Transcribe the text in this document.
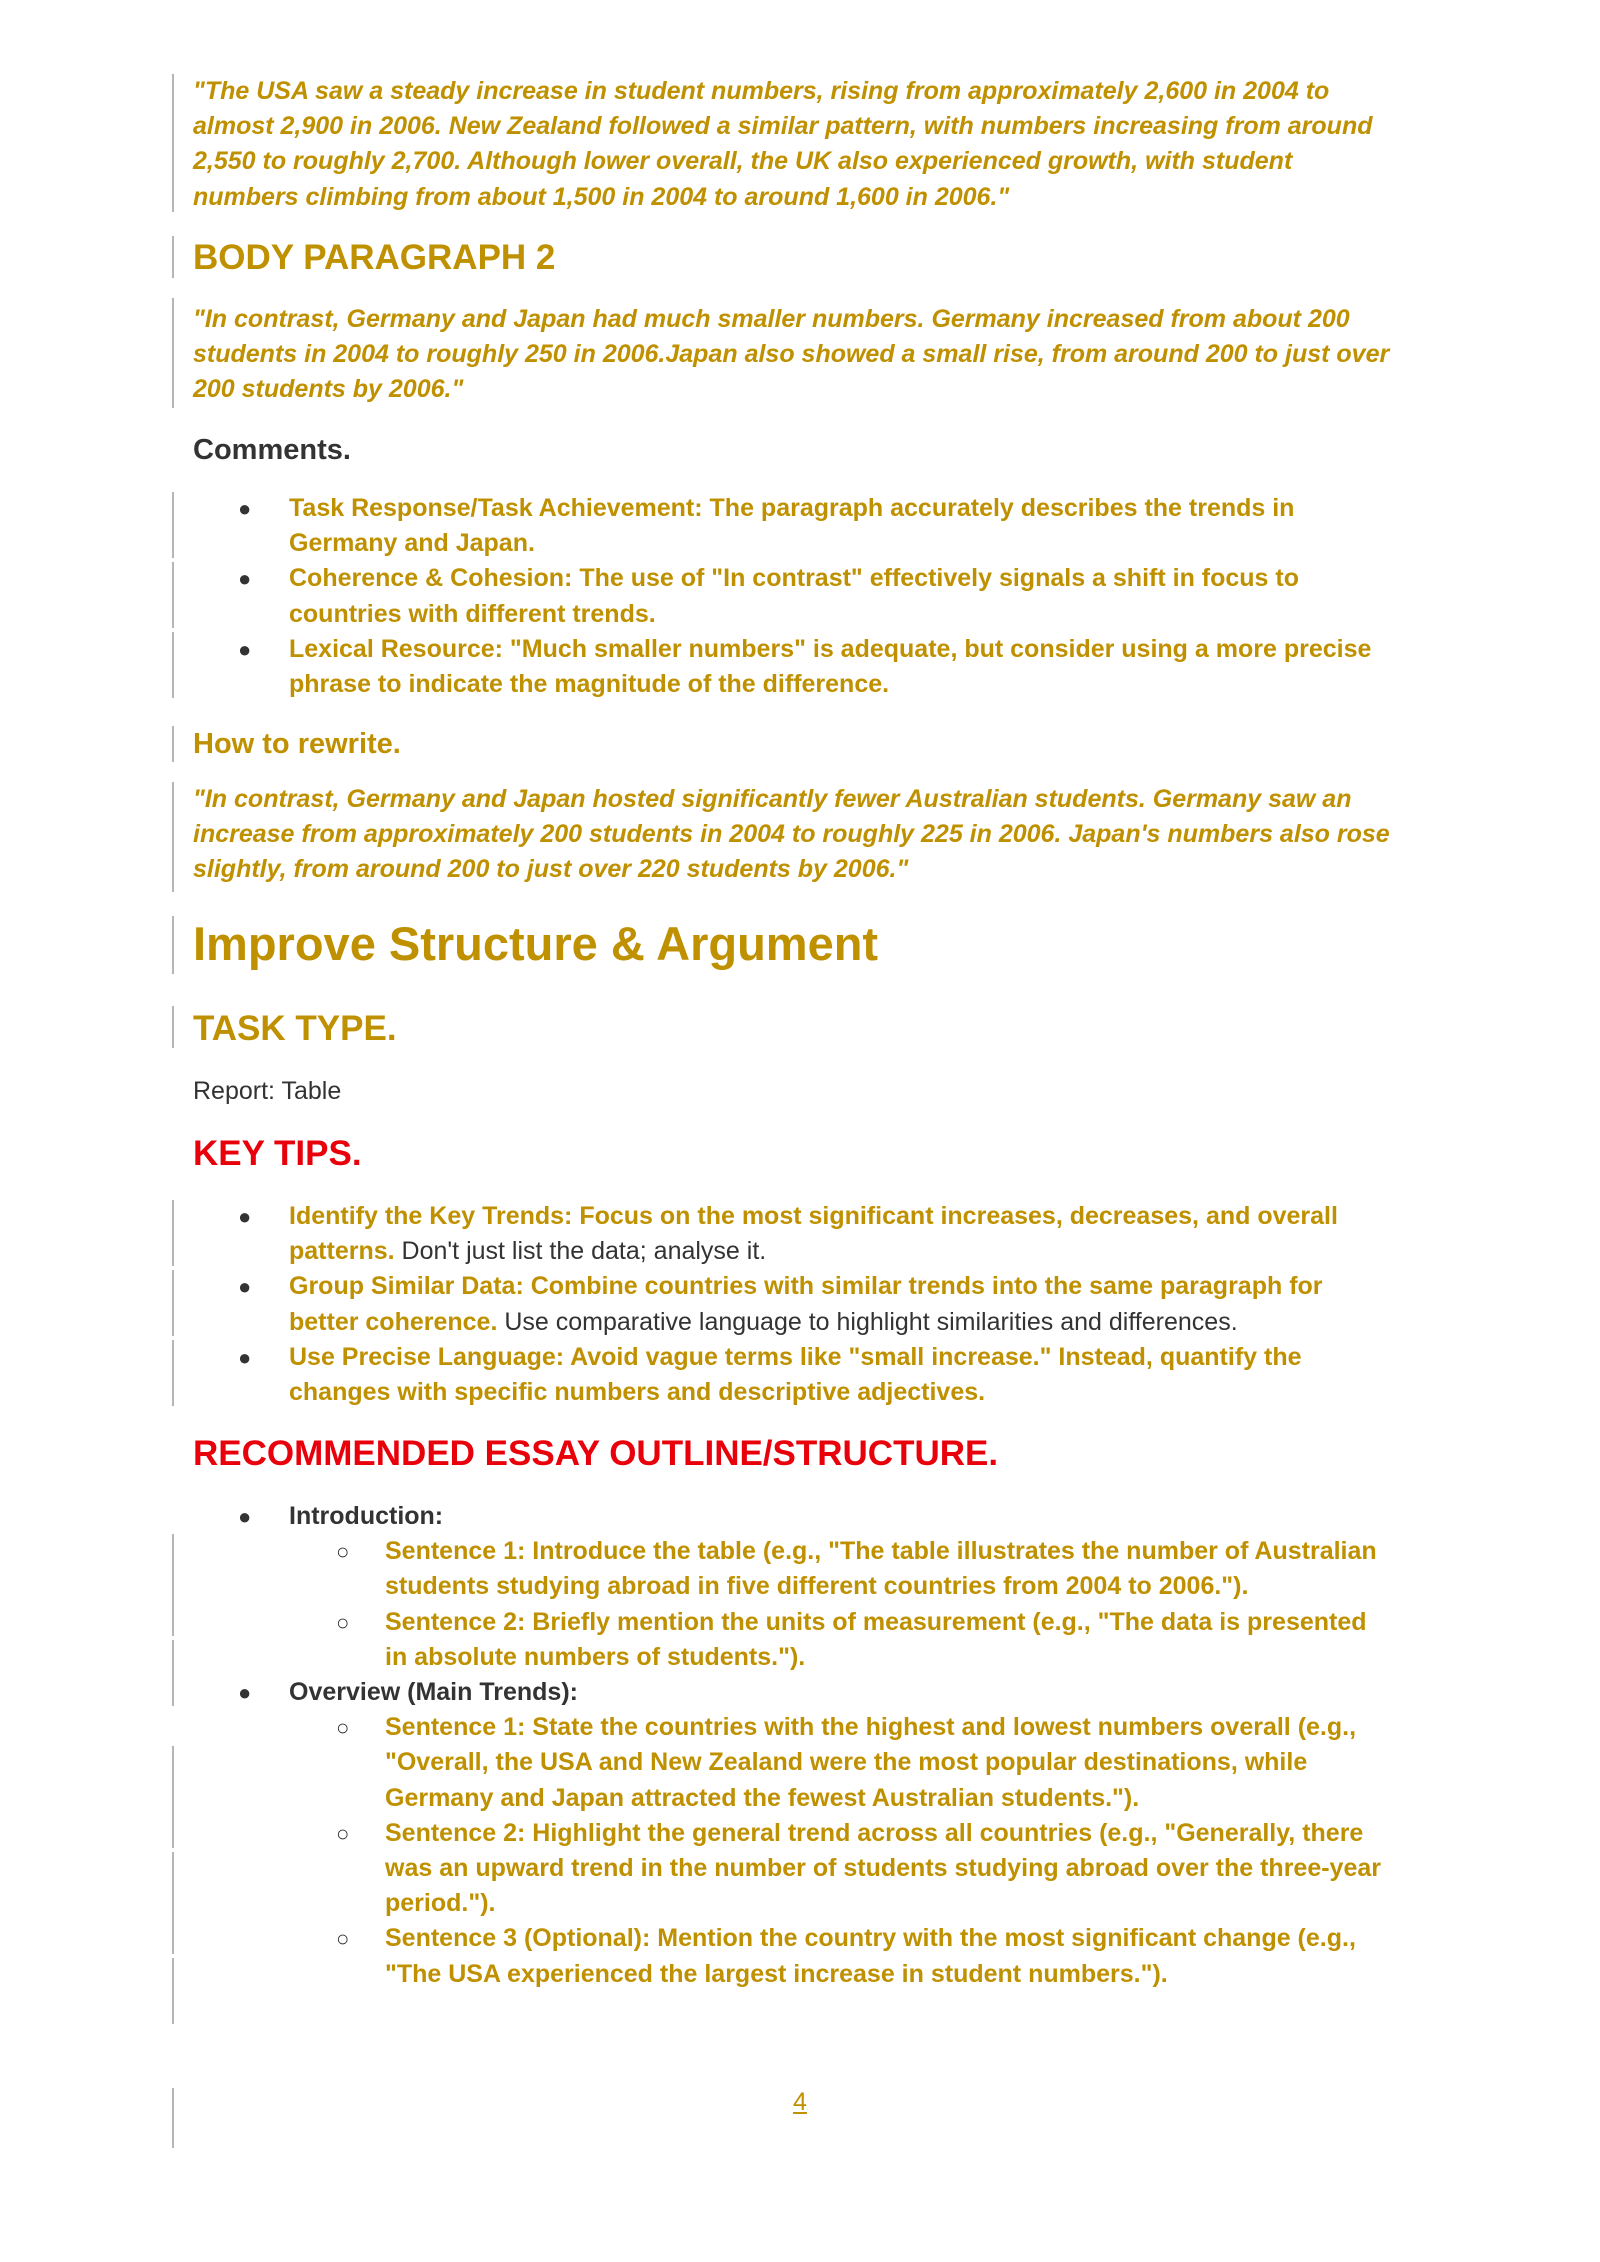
"The USA saw a steady increase in student numbers, rising from approximately 2,600 in 2004 to almost 2,900 in 2006. New Zealand followed a similar pattern, with numbers increasing from around 2,550 to roughly 2,700. Although lower overall, the UK also experienced growth, with student numbers climbing from about 1,500 in 2004 to around 1,600 in 2006."

BODY PARAGRAPH 2

"In contrast, Germany and Japan had much smaller numbers. Germany increased from about 200 students in 2004 to roughly 250 in 2006.Japan also showed a small rise, from around 200 to just over 200 students by 2006."

Comments.
● Task Response/Task Achievement: The paragraph accurately describes the trends in Germany and Japan.
● Coherence & Cohesion: The use of "In contrast" effectively signals a shift in focus to countries with different trends.
● Lexical Resource: "Much smaller numbers" is adequate, but consider using a more precise phrase to indicate the magnitude of the difference.
How to rewrite.

"In contrast, Germany and Japan hosted significantly fewer Australian students. Germany saw an increase from approximately 200 students in 2004 to roughly 225 in 2006. Japan's numbers also rose slightly, from around 200 to just over 220 students by 2006."

Improve Structure & Argument
TASK TYPE.

Report: Table

KEY TIPS.
● Identify the Key Trends: Focus on the most significant increases, decreases, and overall patterns. Don't just list the data; analyse it.
● Group Similar Data: Combine countries with similar trends into the same paragraph for better coherence. Use comparative language to highlight similarities and differences.
● Use Precise Language: Avoid vague terms like "small increase." Instead, quantify the changes with specific numbers and descriptive adjectives.
RECOMMENDED ESSAY OUTLINE/STRUCTURE.
● Introduction:
○ Sentence 1: Introduce the table (e.g., "The table illustrates the number of Australian students studying abroad in five different countries from 2004 to 2006.").
○ Sentence 2: Briefly mention the units of measurement (e.g., "The data is presented in absolute numbers of students.").
● Overview (Main Trends):
○ Sentence 1: State the countries with the highest and lowest numbers overall (e.g., "Overall, the USA and New Zealand were the most popular destinations, while Germany and Japan attracted the fewest Australian students.").
○ Sentence 2: Highlight the general trend across all countries (e.g., "Generally, there was an upward trend in the number of students studying abroad over the three-year period.").
○ Sentence 3 (Optional): Mention the country with the most significant change (e.g., "The USA experienced the largest increase in student numbers.").
4
